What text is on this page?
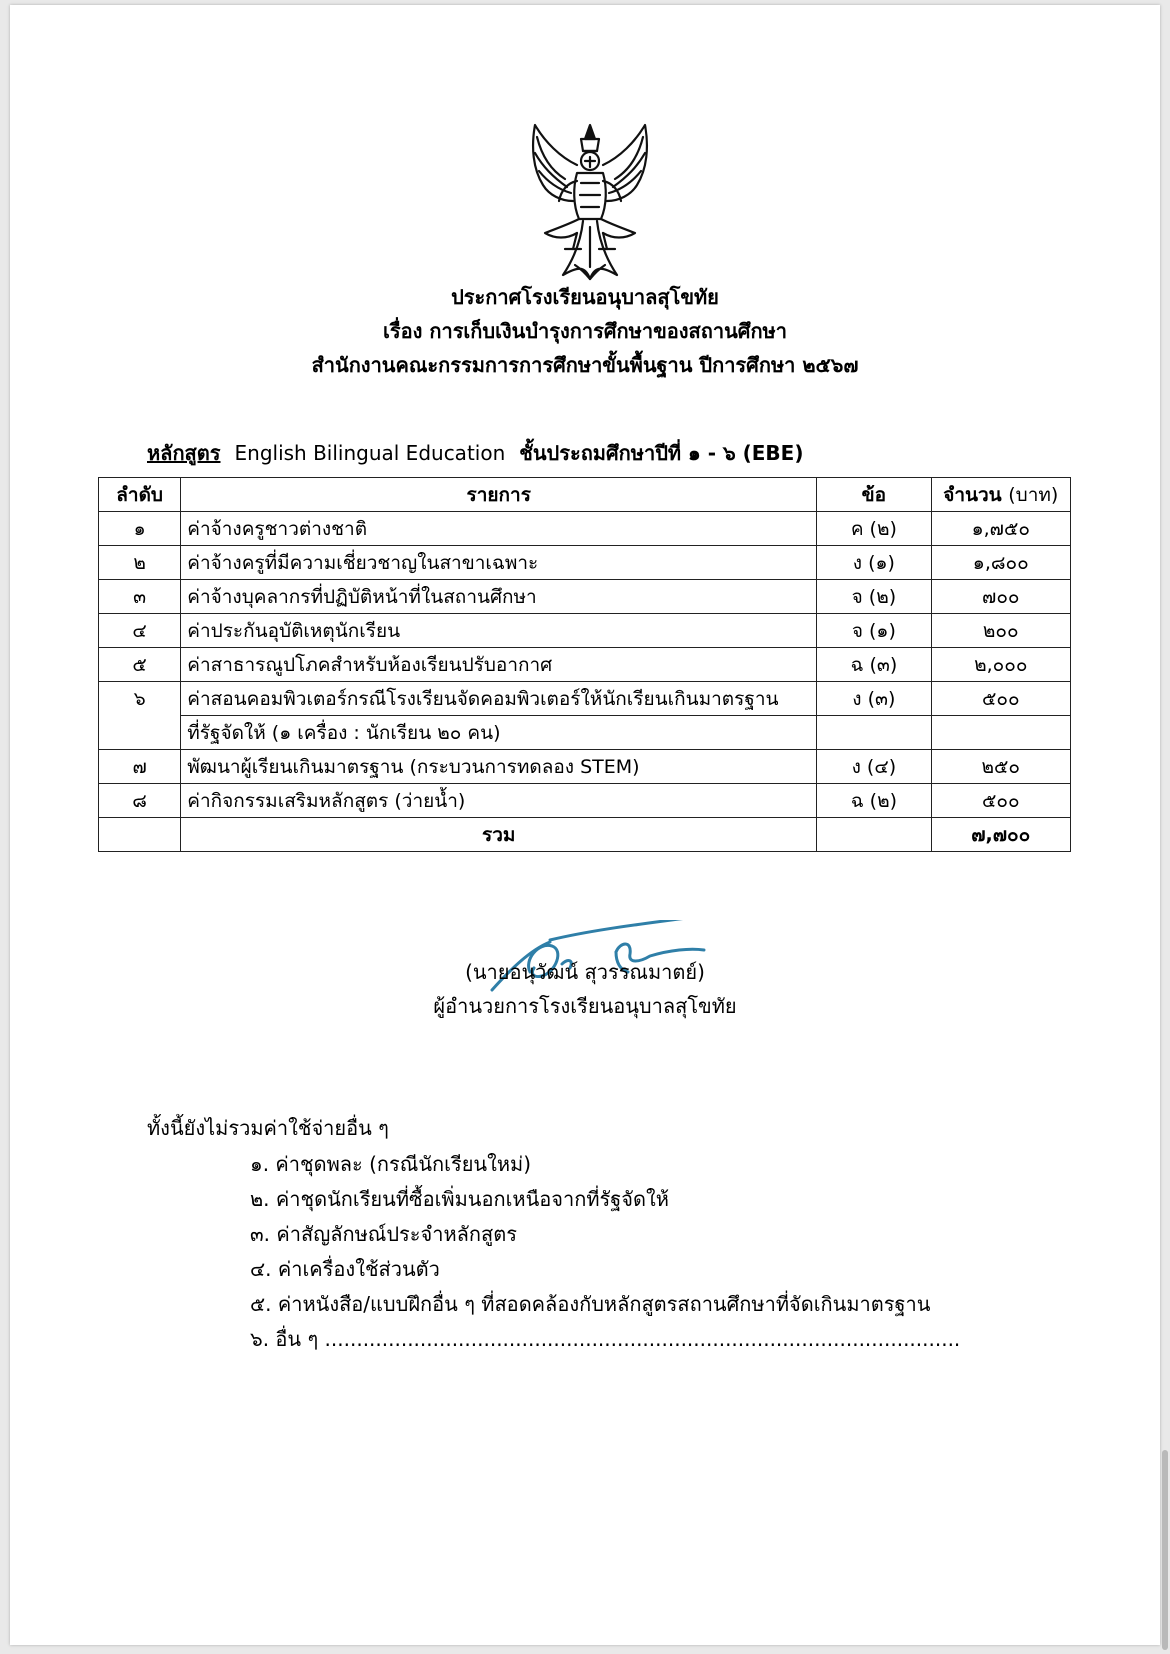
ประกาศโรงเรียนอนุบาลสุโขทัย
เรื่อง การเก็บเงินบำรุงการศึกษาของสถานศึกษา
สำนักงานคณะกรรมการการศึกษาขั้นพื้นฐาน ปีการศึกษา ๒๕๖๗
หลักสูตร English Bilingual Education ชั้นประถมศึกษาปีที่ ๑ - ๖ (EBE)
ลำดับ	รายการ	ข้อ	จำนวน (บาท)
๑	ค่าจ้างครูชาวต่างชาติ	ค (๒)	๑,๗๕๐
๒	ค่าจ้างครูที่มีความเชี่ยวชาญในสาขาเฉพาะ	ง (๑)	๑,๘๐๐
๓	ค่าจ้างบุคลากรที่ปฏิบัติหน้าที่ในสถานศึกษา	จ (๒)	๗๐๐
๔	ค่าประกันอุบัติเหตุนักเรียน	จ (๑)	๒๐๐
๕	ค่าสาธารณูปโภคสำหรับห้องเรียนปรับอากาศ	ฉ (๓)	๒,๐๐๐
๖	ค่าสอนคอมพิวเตอร์กรณีโรงเรียนจัดคอมพิวเตอร์ให้นักเรียนเกินมาตรฐาน	ง (๓)	๕๐๐
	ที่รัฐจัดให้ (๑ เครื่อง : นักเรียน ๒๐ คน)		
๗	พัฒนาผู้เรียนเกินมาตรฐาน (กระบวนการทดลอง STEM)	ง (๔)	๒๕๐
๘	ค่ากิจกรรมเสริมหลักสูตร (ว่ายน้ำ)	ฉ (๒)	๕๐๐
	รวม		๗,๗๐๐
(นายอนุวัฒน์ สุวรรณมาตย์)
ผู้อำนวยการโรงเรียนอนุบาลสุโขทัย
ทั้งนี้ยังไม่รวมค่าใช้จ่ายอื่น ๆ
๑. ค่าชุดพละ (กรณีนักเรียนใหม่)
๒. ค่าชุดนักเรียนที่ซื้อเพิ่มนอกเหนือจากที่รัฐจัดให้
๓. ค่าสัญลักษณ์ประจำหลักสูตร
๔. ค่าเครื่องใช้ส่วนตัว
๕. ค่าหนังสือ/แบบฝึกอื่น ๆ ที่สอดคล้องกับหลักสูตรสถานศึกษาที่จัดเกินมาตรฐาน
๖. อื่น ๆ ....................................................................................................
